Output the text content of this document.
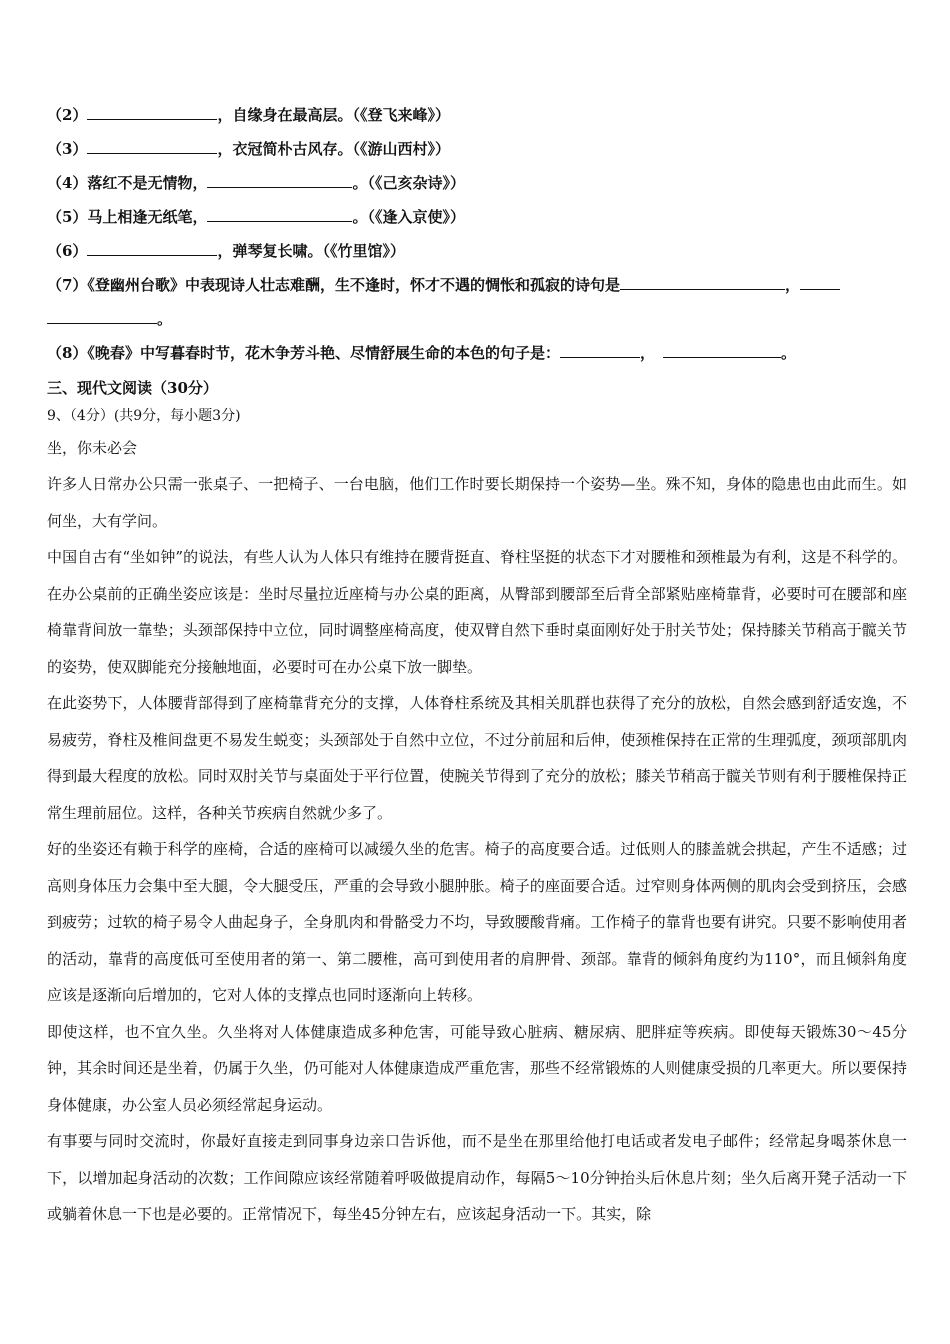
（2）	，自缘身在最高层。（《登飞来峰》）
（3）	，衣冠简朴古风存。（《游山西村》）
（4）落红不是无情物，	。（《己亥杂诗》）
（5）马上相逢无纸笔，	。（《逢入京使》）
（6）	，弹琴复长啸。（《竹里馆》）
（7）《登幽州台歌》中表现诗人壮志难酬，生不逢时，怀才不遇的惆怅和孤寂的诗句是	，
。
（8）《晚春》中写暮春时节，花木争芳斗艳、尽情舒展生命的本色的句子是：	，	。
三、现代文阅读（30分）
9、（4分）(共9分，每小题3分)
坐，你未必会

许多人日常办公只需一张桌子、一把椅子、一台电脑，他们工作时要长期保持一个姿势—坐。殊不知，身体的隐患也由此而生。如何坐，大有学问。

中国自古有“坐如钟”的说法，有些人认为人体只有维持在腰背挺直、脊柱坚挺的状态下才对腰椎和颈椎最为有利，这是不科学的。在办公桌前的正确坐姿应该是：坐时尽量拉近座椅与办公桌的距离，从臀部到腰部至后背全部紧贴座椅靠背，必要时可在腰部和座椅靠背间放一靠垫；头颈部保持中立位，同时调整座椅高度，使双臂自然下垂时桌面刚好处于肘关节处；保持膝关节稍高于髋关节的姿势，使双脚能充分接触地面，必要时可在办公桌下放一脚垫。

在此姿势下，人体腰背部得到了座椅靠背充分的支撑，人体脊柱系统及其相关肌群也获得了充分的放松，自然会感到舒适安逸，不易疲劳，脊柱及椎间盘更不易发生蜕变；头颈部处于自然中立位，不过分前屈和后伸，使颈椎保持在正常的生理弧度，颈项部肌肉得到最大程度的放松。同时双肘关节与桌面处于平行位置，使腕关节得到了充分的放松；膝关节稍高于髋关节则有利于腰椎保持正常生理前屈位。这样，各种关节疾病自然就少多了。

好的坐姿还有赖于科学的座椅，合适的座椅可以减缓久坐的危害。椅子的高度要合适。过低则人的膝盖就会拱起，产生不适感；过高则身体压力会集中至大腿，令大腿受压，严重的会导致小腿肿胀。椅子的座面要合适。过窄则身体两侧的肌肉会受到挤压，会感到疲劳；过软的椅子易令人曲起身子，全身肌肉和骨骼受力不均，导致腰酸背痛。工作椅子的靠背也要有讲究。只要不影响使用者的活动，靠背的高度低可至使用者的第一、第二腰椎，高可到使用者的肩胛骨、颈部。靠背的倾斜角度约为110°，而且倾斜角度应该是逐渐向后增加的，它对人体的支撑点也同时逐渐向上转移。

即使这样，也不宜久坐。久坐将对人体健康造成多种危害，可能导致心脏病、糖尿病、肥胖症等疾病。即使每天锻炼30～45分钟，其余时间还是坐着，仍属于久坐，仍可能对人体健康造成严重危害，那些不经常锻炼的人则健康受损的几率更大。所以要保持身体健康，办公室人员必须经常起身运动。

有事要与同时交流时，你最好直接走到同事身边亲口告诉他，而不是坐在那里给他打电话或者发电子邮件；经常起身喝茶休息一下，以增加起身活动的次数；工作间隙应该经常随着呼吸做提肩动作，每隔5～10分钟抬头后休息片刻；坐久后离开凳子活动一下或躺着休息一下也是必要的。正常情况下，每坐45分钟左右，应该起身活动一下。其实，除
